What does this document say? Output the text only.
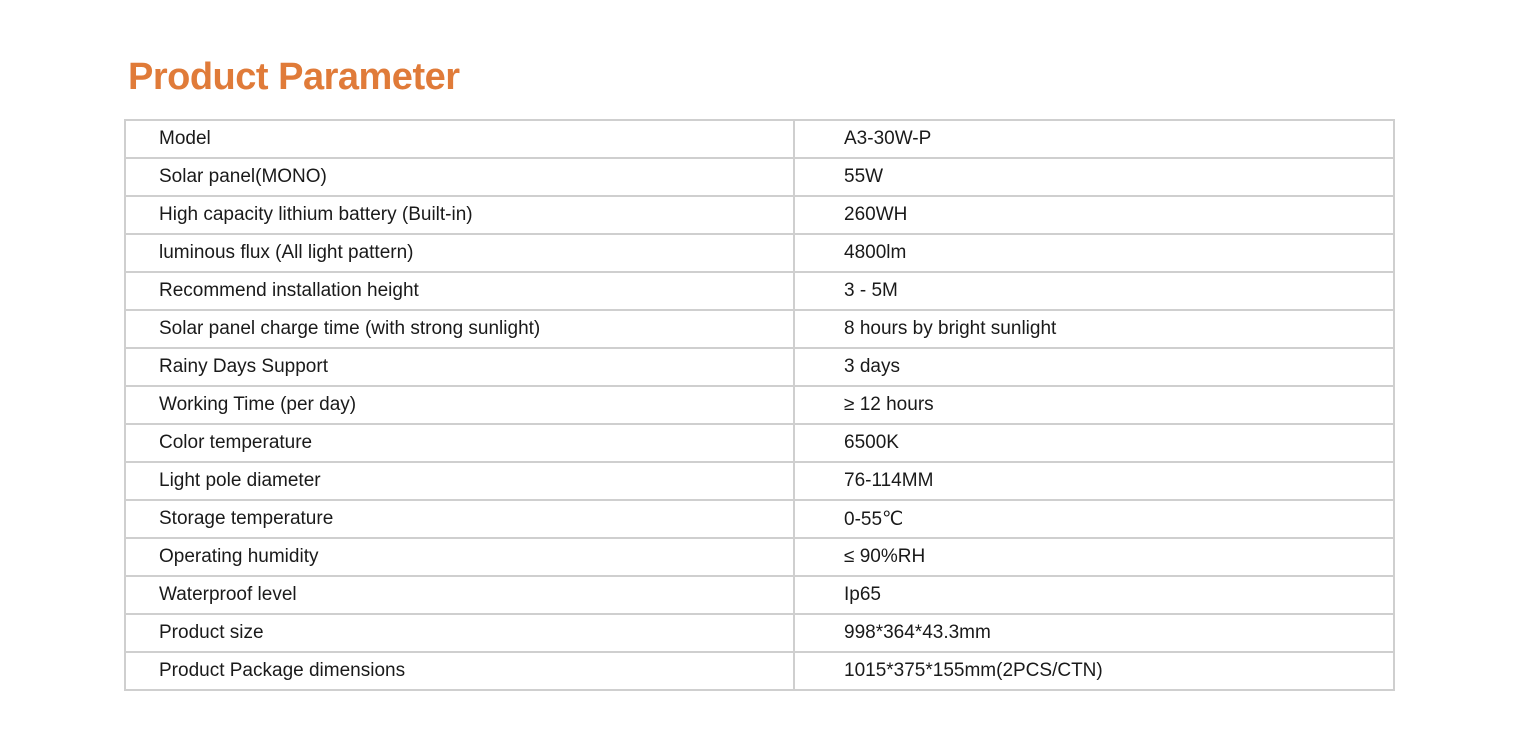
Product Parameter
Model	A3-30W-P
Solar panel(MONO)	55W
High capacity lithium battery (Built-in)	260WH
luminous flux (All light pattern)	4800lm
Recommend installation height	3 - 5M
Solar panel charge time (with strong sunlight)	8 hours by bright sunlight
Rainy Days Support	3 days
Working Time (per day)	≥ 12 hours
Color temperature	6500K
Light pole diameter	76-114MM
Storage temperature	0-55℃
Operating humidity	≤ 90%RH
Waterproof level	Ip65
Product size	998*364*43.3mm
Product Package dimensions	1015*375*155mm(2PCS/CTN)
